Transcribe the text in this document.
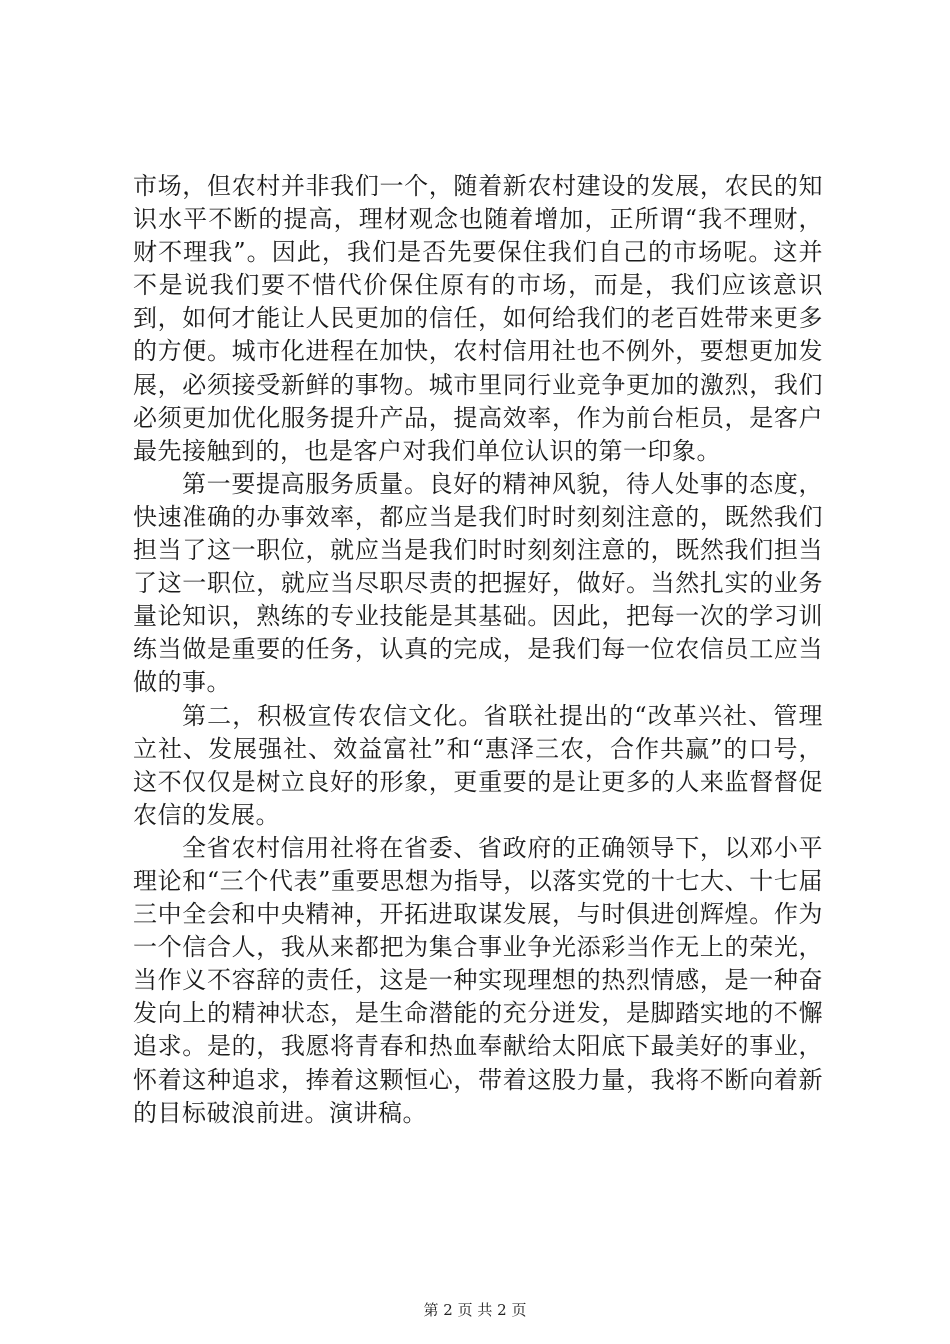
市场，但农村并非我们一个，随着新农村建设的发展，农民的知识水平不断的提高，理材观念也随着增加，正所谓“我不理财，财不理我”。因此，我们是否先要保住我们自己的市场呢。这并不是说我们要不惜代价保住原有的市场，而是，我们应该意识到，如何才能让人民更加的信任，如何给我们的老百姓带来更多的方便。城市化进程在加快，农村信用社也不例外，要想更加发展，必须接受新鲜的事物。城市里同行业竞争更加的激烈，我们必须更加优化服务提升产品，提高效率，作为前台柜员，是客户最先接触到的，也是客户对我们单位认识的第一印象。

第一要提高服务质量。良好的精神风貌，待人处事的态度，快速准确的办事效率，都应当是我们时时刻刻注意的，既然我们担当了这一职位，就应当是我们时时刻刻注意的，既然我们担当了这一职位，就应当尽职尽责的把握好，做好。当然扎实的业务量论知识，熟练的专业技能是其基础。因此，把每一次的学习训练当做是重要的任务，认真的完成，是我们每一位农信员工应当做的事。

第二，积极宣传农信文化。省联社提出的“改革兴社、管理立社、发展强社、效益富社”和“惠泽三农，合作共赢”的口号，这不仅仅是树立良好的形象，更重要的是让更多的人来监督督促农信的发展。

全省农村信用社将在省委、省政府的正确领导下，以邓小平理论和“三个代表”重要思想为指导，以落实党的十七大、十七届三中全会和中央精神，开拓进取谋发展，与时俱进创辉煌。作为一个信合人，我从来都把为集合事业争光添彩当作无上的荣光，当作义不容辞的责任，这是一种实现理想的热烈情感，是一种奋发向上的精神状态，是生命潜能的充分迸发，是脚踏实地的不懈追求。是的，我愿将青春和热血奉献给太阳底下最美好的事业，怀着这种追求，捧着这颗恒心，带着这股力量，我将不断向着新的目标破浪前进。演讲稿。

第 2 页 共 2 页
